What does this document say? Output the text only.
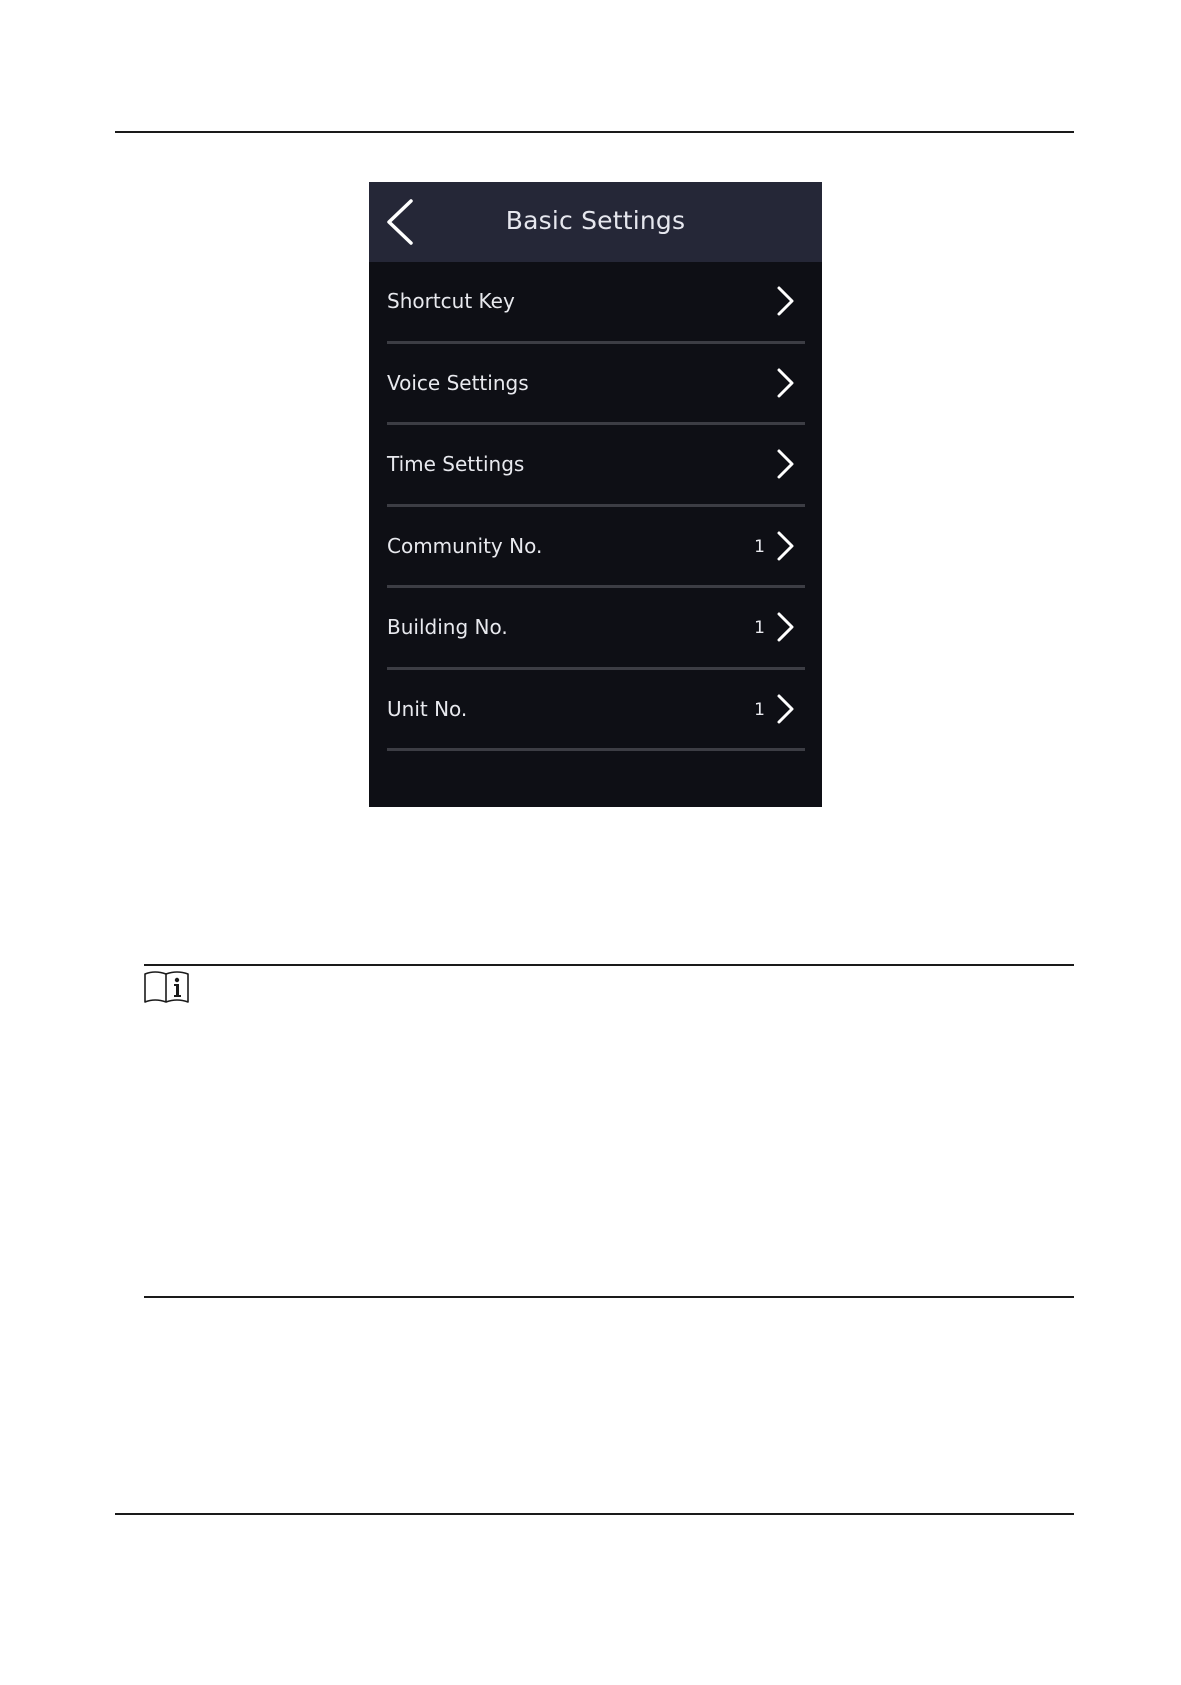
Basic Settings
Shortcut Key
Voice Settings
Time Settings
Community No.	1
Building No.	1
Unit No.	1
